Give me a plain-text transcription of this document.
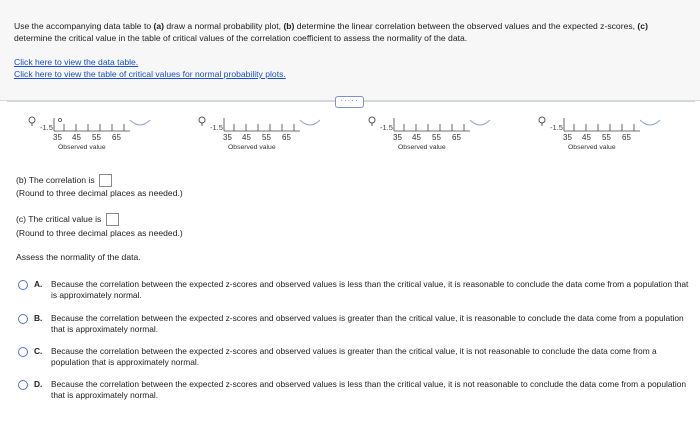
Use the accompanying data table to (a) draw a normal probability plot, (b) determine the linear correlation between the observed values and the expected z-scores, (c) determine the critical value in the table of critical values of the correlation coefficient to assess the normality of the data.
Click here to view the data table.
Click here to view the table of critical values for normal probability plots.
·····
-1.5
35 45 55 65
Observed value
-1.5
35 45 55 65
Observed value
-1.5
35 45 55 65
Observed value
-1.5
35 45 55 65
Observed value
(b) The correlation is
(Round to three decimal places as needed.)
(c) The critical value is
(Round to three decimal places as needed.)
Assess the normality of the data.
A. Because the correlation between the expected z-scores and observed values is less than the critical value, it is reasonable to conclude the data come from a population that is approximately normal.
B. Because the correlation between the expected z-scores and observed values is greater than the critical value, it is reasonable to conclude the data come from a population that is approximately normal.
C. Because the correlation between the expected z-scores and observed values is greater than the critical value, it is not reasonable to conclude the data come from a population that is approximately normal.
D. Because the correlation between the expected z-scores and observed values is less than the critical value, it is not reasonable to conclude the data come from a population that is approximately normal.
